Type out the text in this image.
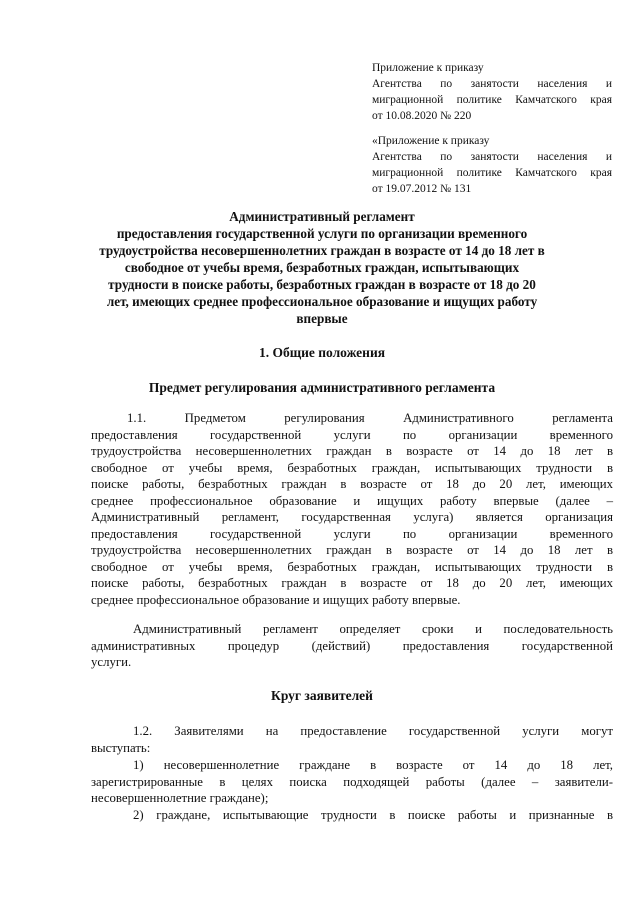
Приложение к приказу
Агентства по занятости населения и
миграционной политике Камчатского края
от 10.08.2020 № 220
«Приложение к приказу
Агентства по занятости населения и
миграционной политике Камчатского края
от 19.07.2012 № 131
Административный регламент
предоставления государственной услуги по организации временного
трудоустройства несовершеннолетних граждан в возрасте от 14 до 18 лет в
свободное от учебы время, безработных граждан, испытывающих
трудности в поиске работы, безработных граждан в возрасте от 18 до 20
лет, имеющих среднее профессиональное образование и ищущих работу
впервые
1. Общие положения
Предмет регулирования административного регламента
1.1. Предметом регулирования Административного регламента
предоставления государственной услуги по организации временного
трудоустройства несовершеннолетних граждан в возрасте от 14 до 18 лет в
свободное от учебы время, безработных граждан, испытывающих трудности в
поиске работы, безработных граждан в возрасте от 18 до 20 лет, имеющих
среднее профессиональное образование и ищущих работу впервые (далее –
Административный регламент, государственная услуга) является организация
предоставления государственной услуги по организации временного
трудоустройства несовершеннолетних граждан в возрасте от 14 до 18 лет в
свободное от учебы время, безработных граждан, испытывающих трудности в
поиске работы, безработных граждан в возрасте от 18 до 20 лет, имеющих
среднее профессиональное образование и ищущих работу впервые.
Административный регламент определяет сроки и последовательность
административных процедур (действий) предоставления государственной
услуги.
Круг заявителей
1.2. Заявителями на предоставление государственной услуги могут
выступать:
1) несовершеннолетние граждане в возрасте от 14 до 18 лет,
зарегистрированные в целях поиска подходящей работы (далее – заявители-
несовершеннолетние граждане);
2) граждане, испытывающие трудности в поиске работы и признанные в
